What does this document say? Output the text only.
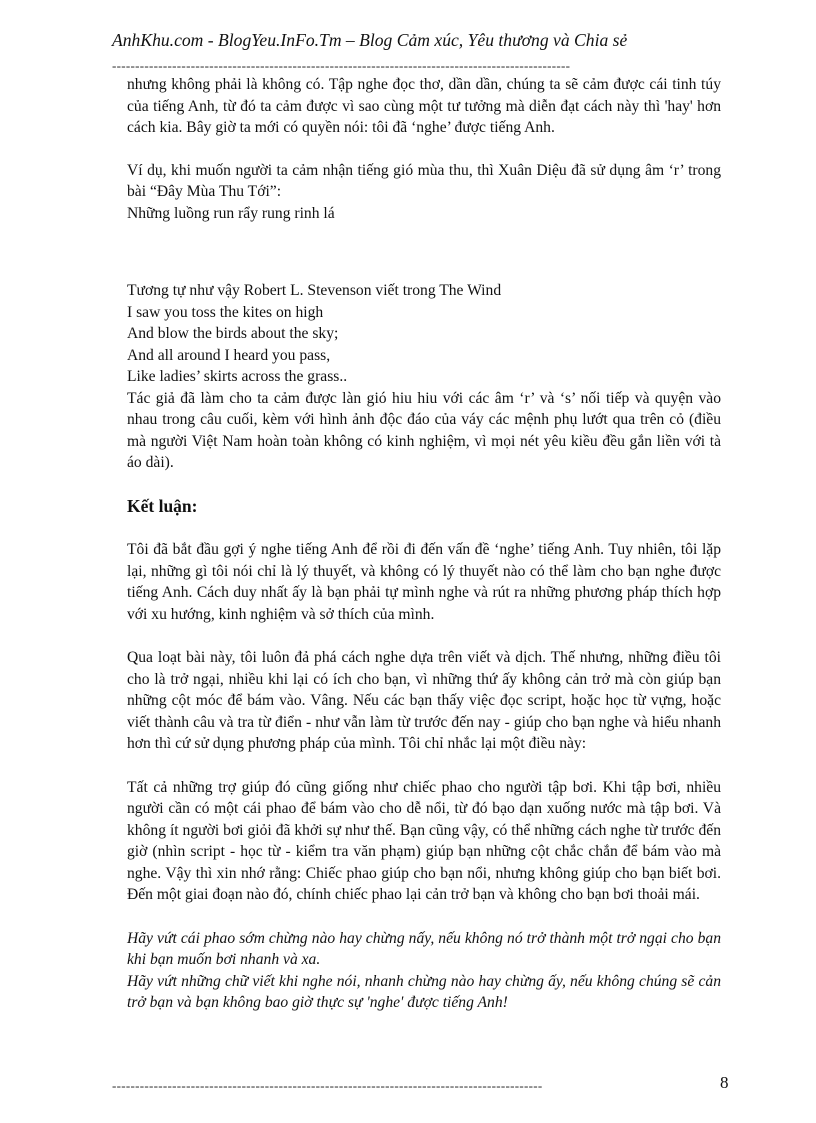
AnhKhu.com - BlogYeu.InFo.Tm – Blog Cảm xúc, Yêu thương và Chia sẻ
---------------------------------------------------------------------------------------------------

nhưng không phải là không có. Tập nghe đọc thơ, dần dần, chúng ta sẽ cảm được cái tinh túy của tiếng Anh, từ đó ta cảm được vì sao cùng một tư tưởng mà diễn đạt cách này thì 'hay' hơn cách kia. Bây giờ ta mới có quyền nói: tôi đã ‘nghe’ được tiếng Anh.

Ví dụ, khi muốn người ta cảm nhận tiếng gió mùa thu, thì Xuân Diệu đã sử dụng âm ‘r’ trong bài “Đây Mùa Thu Tới”:

Những luồng run rẩy rung rinh lá

Tương tự như vậy Robert L. Stevenson viết trong The Wind

I saw you toss the kites on high

And blow the birds about the sky;

And all around I heard you pass,

Like ladies’ skirts across the grass..

Tác giả đã làm cho ta cảm được làn gió hiu hiu với các âm ‘r’ và ‘s’ nối tiếp và quyện vào nhau trong câu cuối, kèm với hình ảnh độc đáo của váy các mệnh phụ lướt qua trên cỏ (điều mà người Việt Nam hoàn toàn không có kinh nghiệm, vì mọi nét yêu kiều đều gắn liền với tà áo dài).

Kết luận:

Tôi đã bắt đầu gợi ý nghe tiếng Anh để rồi đi đến vấn đề ‘nghe’ tiếng Anh. Tuy nhiên, tôi lặp lại, những gì tôi nói chỉ là lý thuyết, và không có lý thuyết nào có thể làm cho bạn nghe được tiếng Anh. Cách duy nhất ấy là bạn phải tự mình nghe và rút ra những phương pháp thích hợp với xu hướng, kinh nghiệm và sở thích của mình.

Qua loạt bài này, tôi luôn đả phá cách nghe dựa trên viết và dịch. Thế nhưng, những điều tôi cho là trở ngại, nhiều khi lại có ích cho bạn, vì những thứ ấy không cản trở mà còn giúp bạn những cột móc để bám vào. Vâng. Nếu các bạn thấy việc đọc script, hoặc học từ vựng, hoặc viết thành câu và tra từ điển - như vẫn làm từ trước đến nay - giúp cho bạn nghe và hiểu nhanh hơn thì cứ sử dụng phương pháp của mình. Tôi chỉ nhắc lại một điều này:

Tất cả những trợ giúp đó cũng giống như chiếc phao cho người tập bơi. Khi tập bơi, nhiều người cần có một cái phao để bám vào cho dễ nổi, từ đó bạo dạn xuống nước mà tập bơi. Và không ít người bơi giỏi đã khởi sự như thế. Bạn cũng vậy, có thể những cách nghe từ trước đến giờ (nhìn script - học từ - kiểm tra văn phạm) giúp bạn những cột chắc chắn để bám vào mà nghe. Vậy thì xin nhớ rằng: Chiếc phao giúp cho bạn nổi, nhưng không giúp cho bạn biết bơi. Đến một giai đoạn nào đó, chính chiếc phao lại cản trở bạn và không cho bạn bơi thoải mái.

Hãy vứt cái phao sớm chừng nào hay chừng nấy, nếu không nó trở thành một trở ngại cho bạn khi bạn muốn bơi nhanh và xa.

Hãy vứt những chữ viết khi nghe nói, nhanh chừng nào hay chừng ấy, nếu không chúng sẽ cản trở bạn và bạn không bao giờ thực sự 'nghe' được tiếng Anh!

---------------------------------------------------------------------------------------------	8
